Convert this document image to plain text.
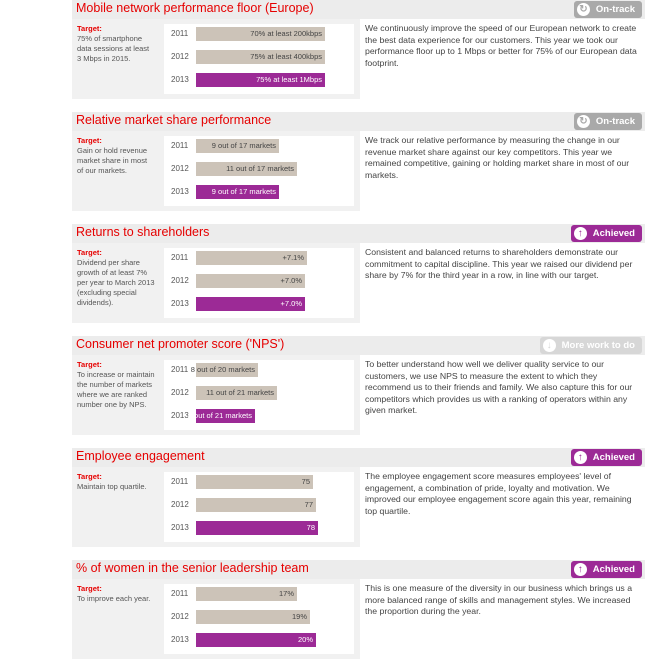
Mobile network performance floor (Europe)	↻ On-track
Target:
75% of smartphone data sessions at least 3 Mbps in 2015.
2011	70% at least 200kbps
2012	75% at least 400kbps
2013	75% at least 1Mbps
We continuously improve the speed of our European network to create the best data experience for our customers. This year we took our performance floor up to 1 Mbps or better for 75% of our European data footprint.
Relative market share performance	↻ On-track
Target:
Gain or hold revenue market share in most of our markets.
2011	9 out of 17 markets
2012	11 out of 17 markets
2013	9 out of 17 markets
We track our relative performance by measuring the change in our revenue market share against our key competitors. This year we remained competitive, gaining or holding market share in most of our markets.
Returns to shareholders	↑	Achieved
Target:
Dividend per share growth of at least 7% per year to March 2013 (excluding special dividends).
2011	+7.1%
2012	+7.0%
2013	+7.0%
Consistent and balanced returns to shareholders demonstrate our commitment to capital discipline. This year we raised our dividend per share by 7% for the third year in a row, in line with our target.
Consumer net promoter score ('NPS')	↓	More work to do
Target:
To increase or maintain the number of markets where we are ranked number one by NPS.
2011 8 out of 20 markets
2012 11 out of 21 markets
2013 8 out of 21 markets
To better understand how well we deliver quality service to our customers, we use NPS to measure the extent to which they recommend us to their friends and family. We also capture this for our competitors which provides us with a ranking of operators within any given market.
Employee engagement	↑	Achieved
Target:
Maintain top quartile.
2011	75
2012	77
2013	78
The employee engagement score measures employees' level of engagement, a combination of pride, loyalty and motivation. We improved our employee engagement score again this year, remaining top quartile.
% of women in the senior leadership team	↑	Achieved
Target:
To improve each year.
2011	17%
2012	19%
2013	20%
This is one measure of the diversity in our business which brings us a more balanced range of skills and management styles. We increased the proportion during the year.
